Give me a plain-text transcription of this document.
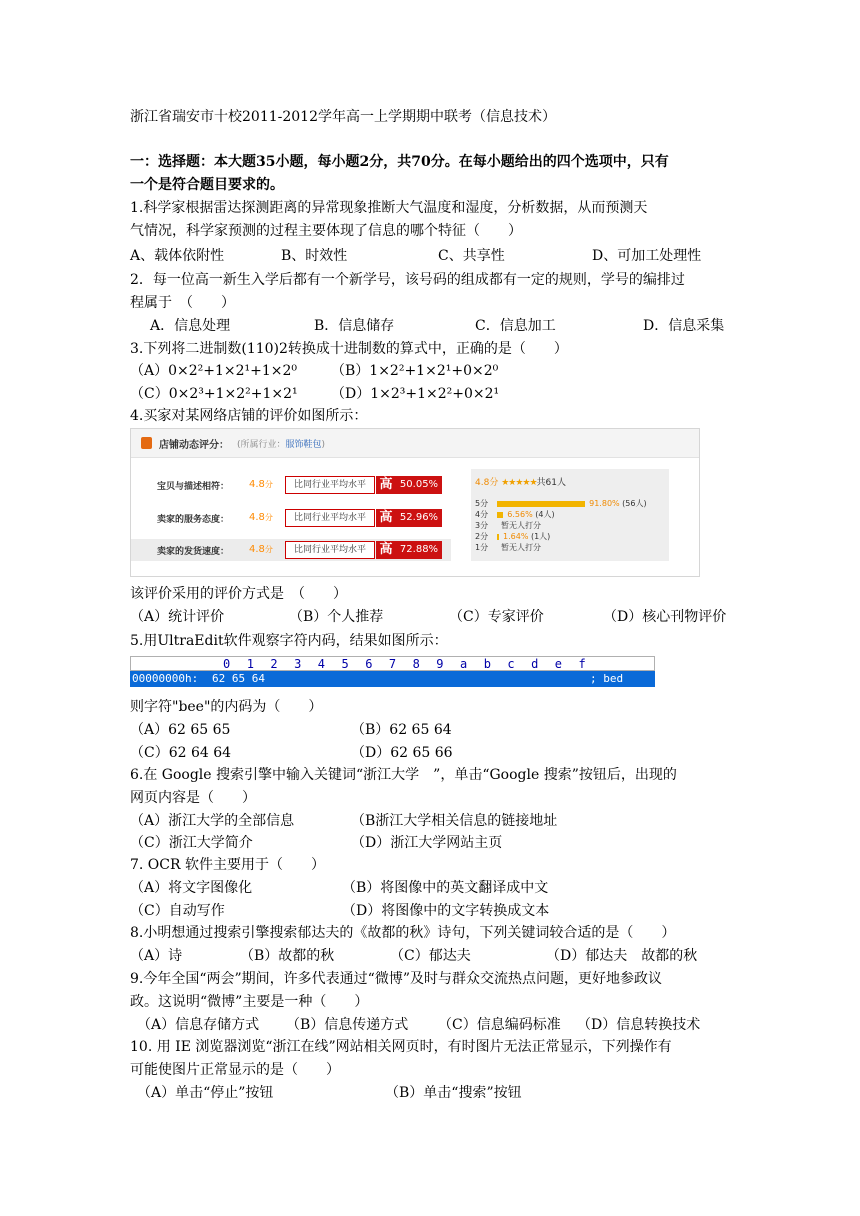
浙江省瑞安市十校2011-2012学年高一上学期期中联考（信息技术）
一：选择题：本大题35小题，每小题2分，共70分。在每小题给出的四个选项中，只有
一个是符合题目要求的。
1.科学家根据雷达探测距离的异常现象推断大气温度和湿度，分析数据，从而预测天
气情况，科学家预测的过程主要体现了信息的哪个特征（　　）
A、载体依附性	B、时效性	C、共享性	D、可加工处理性
2．每一位高一新生入学后都有一个新学号，该号码的组成都有一定的规则，学号的编排过
程属于　（　　）
A．信息处理	B．信息储存	C．信息加工	D．信息采集
3.下列将二进制数(110)2转换成十进制数的算式中，正确的是（　　）
（A）0×2²+1×2¹+1×2⁰ （B）1×2²+1×2¹+0×2⁰
（C）0×2³+1×2²+1×2¹ （D）1×2³+1×2²+0×2¹
4.买家对某网络店铺的评价如图所示：
店铺动态评分： (所属行业：服饰鞋包)
宝贝与描述相符： 4.8分	比同行业平均水平	高 50.05%
卖家的服务态度： 4.8分	比同行业平均水平	高 52.96%
卖家的发货速度： 4.8分	比同行业平均水平	高 72.88%
4.8分 ★★★★★共61人
5分	91.80% (56人)
4分 6.56% (4人)
3分 暂无人打分
2分 1.64% (1人)
1分 暂无人打分
该评价采用的评价方式是　（　　）
（A）统计评价	（B）个人推荐	（C）专家评价	（D）核心刊物评价
5.用UltraEdit软件观察字符内码，结果如图所示：
0 1 2 3 4 5 6 7 8 9 a b c d e f
00000000h: 62 65 64	; bed
则字符"bee"的内码为（　　）
（A）62 65 65	（B）62 65 64
（C）62 64 64	（D）62 65 66
6.在 Google 搜索引擎中输入关键词“浙江大学　”，单击“Google 搜索”按钮后，出现的
网页内容是（　　）
（A）浙江大学的全部信息	（B浙江大学相关信息的链接地址
（C）浙江大学简介	（D）浙江大学网站主页
7. OCR 软件主要用于（　　）
（A）将文字图像化	（B）将图像中的英文翻译成中文
（C）自动写作	（D）将图像中的文字转换成文本
8.小明想通过搜索引擎搜索郁达夫的《故都的秋》诗句，下列关键词较合适的是（　　）
（A）诗	（B）故都的秋	（C）郁达夫	（D）郁达夫　故都的秋
9.今年全国“两会”期间，许多代表通过“微博”及时与群众交流热点问题，更好地参政议
政。这说明“微博”主要是一种（　　）
（A）信息存储方式 （B）信息传递方式 （C）信息编码标准 （D）信息转换技术
10. 用 IE 浏览器浏览“浙江在线”网站相关网页时，有时图片无法正常显示，下列操作有
可能使图片正常显示的是（　　）
（A）单击“停止”按钮	（B）单击“搜索”按钮
